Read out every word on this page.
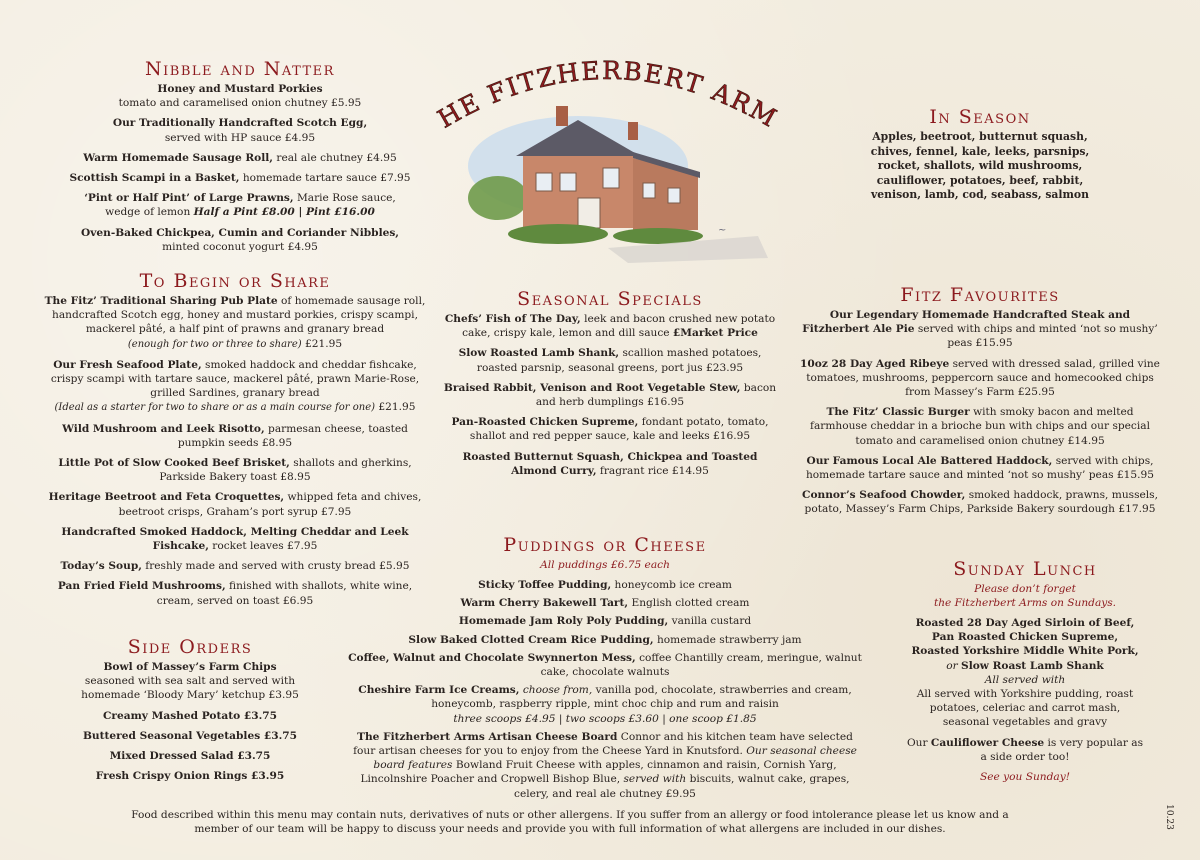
HE FITZHERBERT ARM
~
Nibble and Natter
Honey and Mustard Porkies
tomato and caramelised onion chutney £5.95
Our Traditionally Handcrafted Scotch Egg,
served with HP sauce £4.95
Warm Homemade Sausage Roll, real ale chutney £4.95
Scottish Scampi in a Basket, homemade tartare sauce £7.95
‘Pint or Half Pint’ of Large Prawns, Marie Rose sauce,
wedge of lemon Half a Pint £8.00 | Pint £16.00
Oven-Baked Chickpea, Cumin and Coriander Nibbles,
minted coconut yogurt £4.95
To Begin or Share
The Fitz’ Traditional Sharing Pub Plate of homemade sausage roll, handcrafted Scotch egg, honey and mustard porkies, crispy scampi, mackerel pâté, a half pint of prawns and granary bread
(enough for two or three to share) £21.95
Our Fresh Seafood Plate, smoked haddock and cheddar fishcake, crispy scampi with tartare sauce, mackerel pâté, prawn Marie-Rose, grilled Sardines, granary bread
(Ideal as a starter for two to share or as a main course for one) £21.95
Wild Mushroom and Leek Risotto, parmesan cheese, toasted pumpkin seeds £8.95
Little Pot of Slow Cooked Beef Brisket, shallots and gherkins, Parkside Bakery toast £8.95
Heritage Beetroot and Feta Croquettes, whipped feta and chives, beetroot crisps, Graham’s port syrup £7.95
Handcrafted Smoked Haddock, Melting Cheddar and Leek Fishcake, rocket leaves £7.95
Today’s Soup, freshly made and served with crusty bread £5.95
Pan Fried Field Mushrooms, finished with shallots, white wine, cream, served on toast £6.95
Side Orders
Bowl of Massey’s Farm Chips
seasoned with sea salt and served with homemade ‘Bloody Mary’ ketchup £3.95
Creamy Mashed Potato £3.75
Buttered Seasonal Vegetables £3.75
Mixed Dressed Salad £3.75
Fresh Crispy Onion Rings £3.95
Seasonal Specials
Chefs’ Fish of The Day, leek and bacon crushed new potato cake, crispy kale, lemon and dill sauce £Market Price
Slow Roasted Lamb Shank, scallion mashed potatoes, roasted parsnip, seasonal greens, port jus £23.95
Braised Rabbit, Venison and Root Vegetable Stew, bacon and herb dumplings £16.95
Pan-Roasted Chicken Supreme, fondant potato, tomato, shallot and red pepper sauce, kale and leeks £16.95
Roasted Butternut Squash, Chickpea and Toasted Almond Curry, fragrant rice £14.95
Puddings or Cheese
All puddings £6.75 each
Sticky Toffee Pudding, honeycomb ice cream
Warm Cherry Bakewell Tart, English clotted cream
Homemade Jam Roly Poly Pudding, vanilla custard
Slow Baked Clotted Cream Rice Pudding, homemade strawberry jam
Coffee, Walnut and Chocolate Swynnerton Mess, coffee Chantilly cream, meringue, walnut cake, chocolate walnuts
Cheshire Farm Ice Creams, choose from, vanilla pod, chocolate, strawberries and cream, honeycomb, raspberry ripple, mint choc chip and rum and raisin
three scoops £4.95 | two scoops £3.60 | one scoop £1.85
The Fitzherbert Arms Artisan Cheese Board Connor and his kitchen team have selected four artisan cheeses for you to enjoy from the Cheese Yard in Knutsford. Our seasonal cheese board features Bowland Fruit Cheese with apples, cinnamon and raisin, Cornish Yarg, Lincolnshire Poacher and Cropwell Bishop Blue, served with biscuits, walnut cake, grapes, celery, and real ale chutney £9.95
In Season
Apples, beetroot, butternut squash, chives, fennel, kale, leeks, parsnips, rocket, shallots, wild mushrooms, cauliflower, potatoes, beef, rabbit, venison, lamb, cod, seabass, salmon
Fitz Favourites
Our Legendary Homemade Handcrafted Steak and Fitzherbert Ale Pie served with chips and minted ‘not so mushy’ peas £15.95
10oz 28 Day Aged Ribeye served with dressed salad, grilled vine tomatoes, mushrooms, peppercorn sauce and homecooked chips from Massey’s Farm £25.95
The Fitz’ Classic Burger with smoky bacon and melted farmhouse cheddar in a brioche bun with chips and our special tomato and caramelised onion chutney £14.95
Our Famous Local Ale Battered Haddock, served with chips, homemade tartare sauce and minted ‘not so mushy’ peas £15.95
Connor’s Seafood Chowder, smoked haddock, prawns, mussels, potato, Massey’s Farm Chips, Parkside Bakery sourdough £17.95
Sunday Lunch
Please don’t forget
the Fitzherbert Arms on Sundays.
Roasted 28 Day Aged Sirloin of Beef,
Pan Roasted Chicken Supreme,
Roasted Yorkshire Middle White Pork,
or Slow Roast Lamb Shank
All served with
All served with Yorkshire pudding, roast potatoes, celeriac and carrot mash, seasonal vegetables and gravy
Our Cauliflower Cheese is very popular as a side order too!
See you Sunday!
Food described within this menu may contain nuts, derivatives of nuts or other allergens. If you suffer from an allergy or food intolerance please let us know and a member of our team will be happy to discuss your needs and provide you with full information of what allergens are included in our dishes.	10.23
